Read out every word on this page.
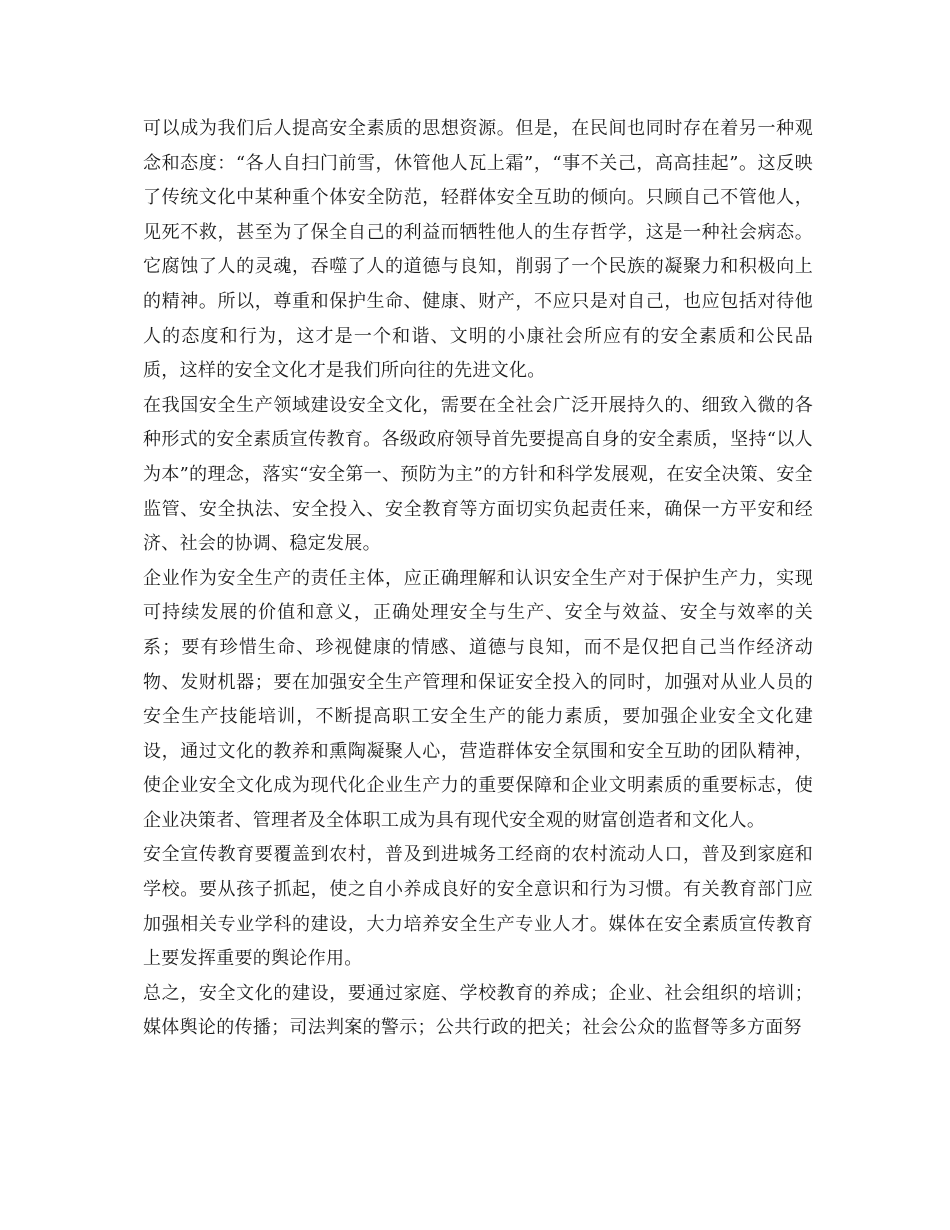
可以成为我们后人提高安全素质的思想资源。但是，在民间也同时存在着另一种观念和态度：“各人自扫门前雪，休管他人瓦上霜”，“事不关己，高高挂起”。这反映了传统文化中某种重个体安全防范，轻群体安全互助的倾向。只顾自己不管他人，见死不救，甚至为了保全自己的利益而牺牲他人的生存哲学，这是一种社会病态。它腐蚀了人的灵魂，吞噬了人的道德与良知，削弱了一个民族的凝聚力和积极向上的精神。所以，尊重和保护生命、健康、财产，不应只是对自己，也应包括对待他人的态度和行为，这才是一个和谐、文明的小康社会所应有的安全素质和公民品质，这样的安全文化才是我们所向往的先进文化。

在我国安全生产领域建设安全文化，需要在全社会广泛开展持久的、细致入微的各种形式的安全素质宣传教育。各级政府领导首先要提高自身的安全素质，坚持“以人为本”的理念，落实“安全第一、预防为主”的方针和科学发展观，在安全决策、安全监管、安全执法、安全投入、安全教育等方面切实负起责任来，确保一方平安和经济、社会的协调、稳定发展。

企业作为安全生产的责任主体，应正确理解和认识安全生产对于保护生产力，实现可持续发展的价值和意义，正确处理安全与生产、安全与效益、安全与效率的关系；要有珍惜生命、珍视健康的情感、道德与良知，而不是仅把自己当作经济动物、发财机器；要在加强安全生产管理和保证安全投入的同时，加强对从业人员的安全生产技能培训，不断提高职工安全生产的能力素质，要加强企业安全文化建设，通过文化的教养和熏陶凝聚人心，营造群体安全氛围和安全互助的团队精神，使企业安全文化成为现代化企业生产力的重要保障和企业文明素质的重要标志，使企业决策者、管理者及全体职工成为具有现代安全观的财富创造者和文化人。

安全宣传教育要覆盖到农村，普及到进城务工经商的农村流动人口，普及到家庭和学校。要从孩子抓起，使之自小养成良好的安全意识和行为习惯。有关教育部门应加强相关专业学科的建设，大力培养安全生产专业人才。媒体在安全素质宣传教育上要发挥重要的舆论作用。

总之，安全文化的建设，要通过家庭、学校教育的养成；企业、社会组织的培训；媒体舆论的传播；司法判案的警示；公共行政的把关；社会公众的监督等多方面努
